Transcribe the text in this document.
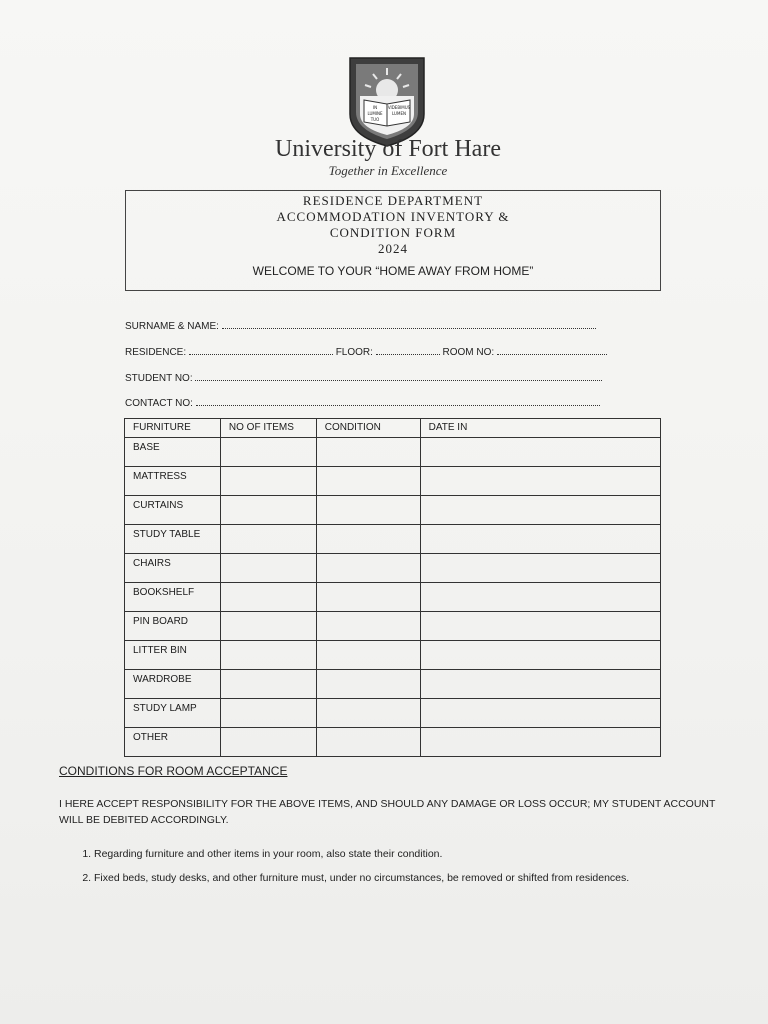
IN
LUMINE
TUO
VIDEBIMUS
LUMEN
University of Fort Hare
Together in Excellence
RESIDENCE DEPARTMENT
ACCOMMODATION INVENTORY &
CONDITION FORM
2024
WELCOME TO YOUR “HOME AWAY FROM HOME”
SURNAME & NAME:
RESIDENCE:	FLOOR:	ROOM NO:
STUDENT NO:
CONTACT NO:
FURNITURE	NO OF ITEMS	CONDITION	DATE IN
BASE			
MATTRESS			
CURTAINS			
STUDY TABLE			
CHAIRS			
BOOKSHELF			
PIN BOARD			
LITTER BIN			
WARDROBE			
STUDY LAMP			
OTHER			
CONDITIONS FOR ROOM ACCEPTANCE
I HERE ACCEPT RESPONSIBILITY FOR THE ABOVE ITEMS, AND SHOULD ANY DAMAGE OR LOSS OCCUR; MY STUDENT ACCOUNT WILL BE DEBITED ACCORDINGLY.
1. Regarding furniture and other items in your room, also state their condition.
2. Fixed beds, study desks, and other furniture must, under no circumstances, be removed or shifted from residences.
